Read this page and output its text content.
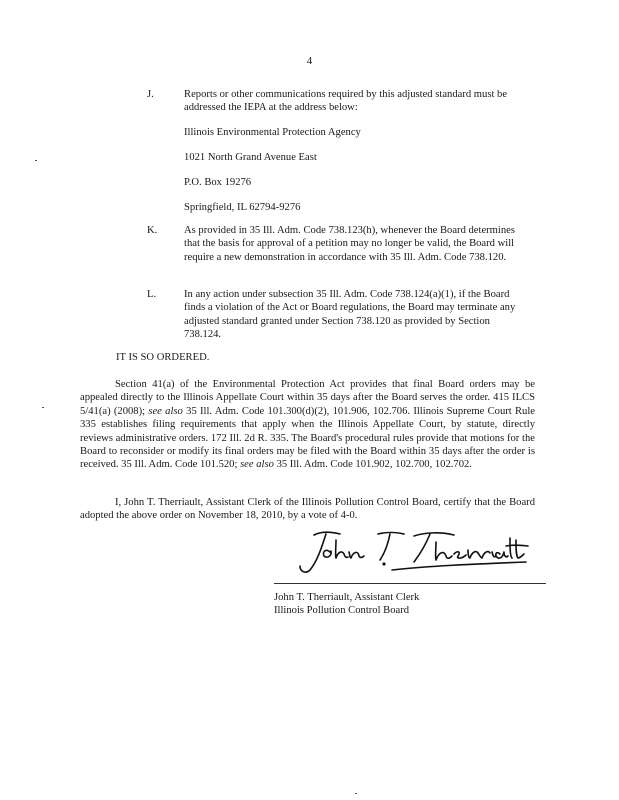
4
J.	Reports or other communications required by this adjusted standard must be addressed the IEPA at the address below:
Illinois Environmental Protection Agency
1021 North Grand Avenue East
P.O. Box 19276
Springfield, IL 62794-9276
K.	As provided in 35 Ill. Adm. Code 738.123(h), whenever the Board determines that the basis for approval of a petition may no longer be valid, the Board will require a new demonstration in accordance with 35 Ill. Adm. Code 738.120.
L.	In any action under subsection 35 Ill. Adm. Code 738.124(a)(1), if the Board finds a violation of the Act or Board regulations, the Board may terminate any adjusted standard granted under Section 738.120 as provided by Section 738.124.
IT IS SO ORDERED.
Section 41(a) of the Environmental Protection Act provides that final Board orders may be appealed directly to the Illinois Appellate Court within 35 days after the Board serves the order. 415 ILCS 5/41(a) (2008); see also 35 Ill. Adm. Code 101.300(d)(2), 101.906, 102.706. Illinois Supreme Court Rule 335 establishes filing requirements that apply when the Illinois Appellate Court, by statute, directly reviews administrative orders. 172 Ill. 2d R. 335. The Board's procedural rules provide that motions for the Board to reconsider or modify its final orders may be filed with the Board within 35 days after the order is received. 35 Ill. Adm. Code 101.520; see also 35 Ill. Adm. Code 101.902, 102.700, 102.702.
I, John T. Therriault, Assistant Clerk of the Illinois Pollution Control Board, certify that the Board adopted the above order on November 18, 2010, by a vote of 4-0.
John T. Therriault, Assistant Clerk
Illinois Pollution Control Board
